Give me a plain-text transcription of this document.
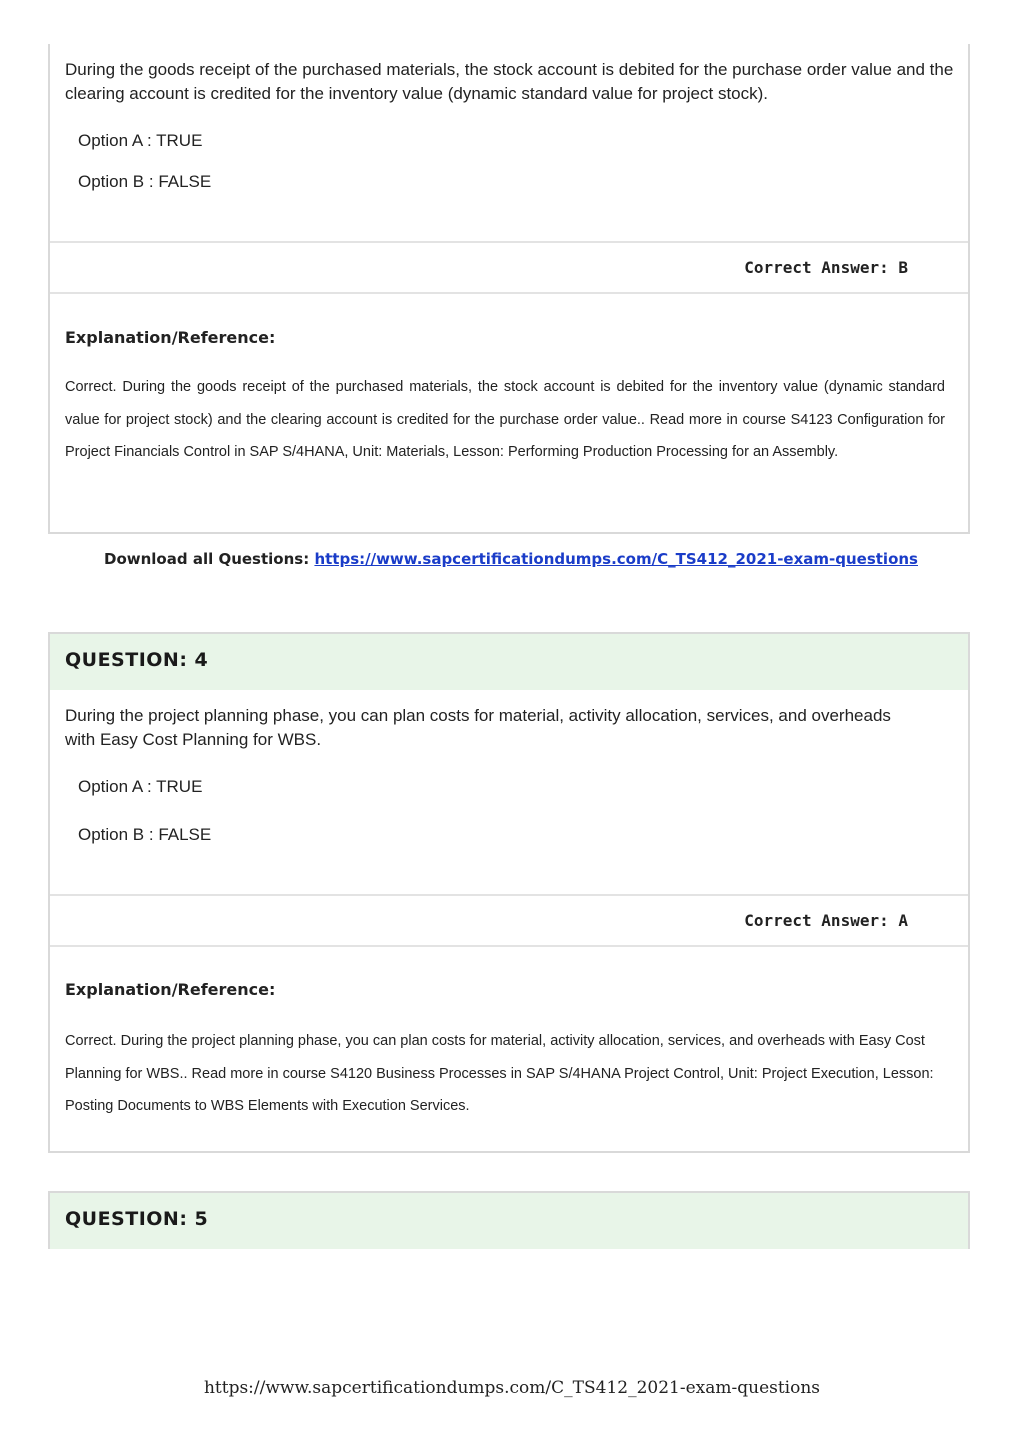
During the goods receipt of the purchased materials, the stock account is debited for the purchase order value and the clearing account is credited for the inventory value (dynamic standard value for project stock).
Option A : TRUE
Option B : FALSE
Correct Answer: B
Explanation/Reference:
Correct. During the goods receipt of the purchased materials, the stock account is debited for the inventory value (dynamic standard value for project stock) and the clearing account is credited for the purchase order value.. Read more in course S4123 Configuration for Project Financials Control in SAP S/4HANA, Unit: Materials, Lesson: Performing Production Processing for an Assembly.
Download all Questions: https://www.sapcertificationdumps.com/C_TS412_2021-exam-questions
QUESTION: 4
During the project planning phase, you can plan costs for material, activity allocation, services, and overheads with Easy Cost Planning for WBS.
Option A : TRUE
Option B : FALSE
Correct Answer: A
Explanation/Reference:
Correct. During the project planning phase, you can plan costs for material, activity allocation, services, and overheads with Easy Cost Planning for WBS.. Read more in course S4120 Business Processes in SAP S/4HANA Project Control, Unit: Project Execution, Lesson: Posting Documents to WBS Elements with Execution Services.
QUESTION: 5
https://www.sapcertificationdumps.com/C_TS412_2021-exam-questions
